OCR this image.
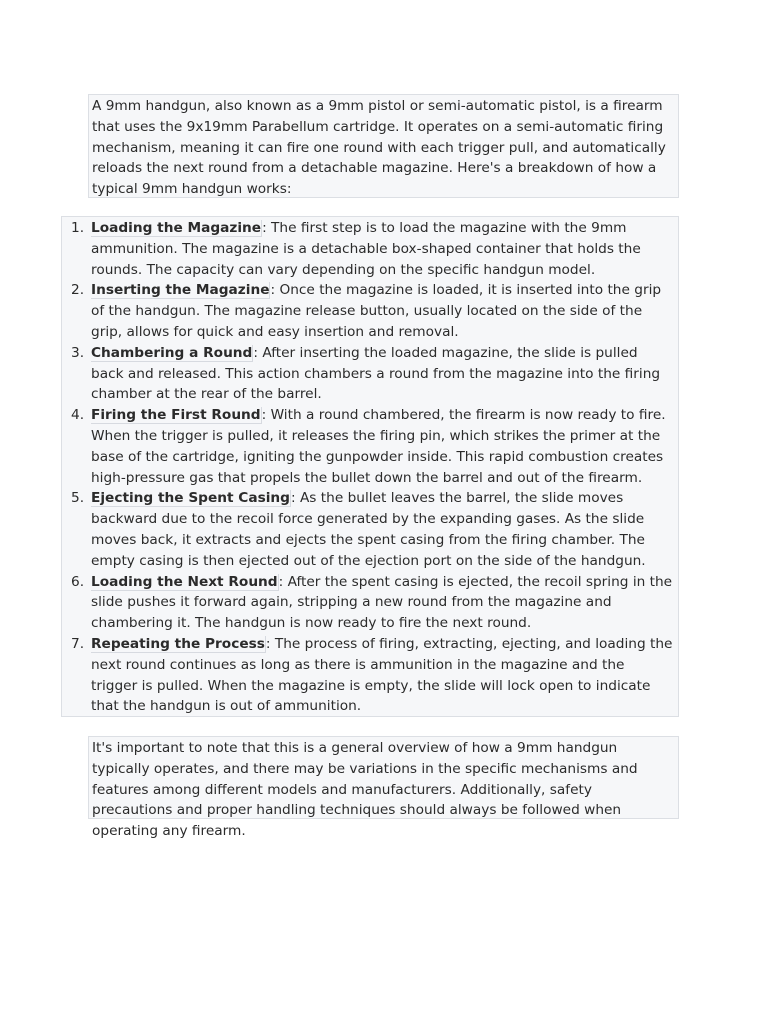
A 9mm handgun, also known as a 9mm pistol or semi-automatic pistol, is a firearm that uses the 9x19mm Parabellum cartridge. It operates on a semi-automatic firing mechanism, meaning it can fire one round with each trigger pull, and automatically reloads the next round from a detachable magazine. Here's a breakdown of how a typical 9mm handgun works:

1. Loading the Magazine: The first step is to load the magazine with the 9mm ammunition. The magazine is a detachable box-shaped container that holds the rounds. The capacity can vary depending on the specific handgun model.
2. Inserting the Magazine: Once the magazine is loaded, it is inserted into the grip of the handgun. The magazine release button, usually located on the side of the grip, allows for quick and easy insertion and removal.
3. Chambering a Round: After inserting the loaded magazine, the slide is pulled back and released. This action chambers a round from the magazine into the firing chamber at the rear of the barrel.
4. Firing the First Round: With a round chambered, the firearm is now ready to fire. When the trigger is pulled, it releases the firing pin, which strikes the primer at the base of the cartridge, igniting the gunpowder inside. This rapid combustion creates high-pressure gas that propels the bullet down the barrel and out of the firearm.
5. Ejecting the Spent Casing: As the bullet leaves the barrel, the slide moves backward due to the recoil force generated by the expanding gases. As the slide moves back, it extracts and ejects the spent casing from the firing chamber. The empty casing is then ejected out of the ejection port on the side of the handgun.
6. Loading the Next Round: After the spent casing is ejected, the recoil spring in the slide pushes it forward again, stripping a new round from the magazine and chambering it. The handgun is now ready to fire the next round.
7. Repeating the Process: The process of firing, extracting, ejecting, and loading the next round continues as long as there is ammunition in the magazine and the trigger is pulled. When the magazine is empty, the slide will lock open to indicate that the handgun is out of ammunition.

It's important to note that this is a general overview of how a 9mm handgun typically operates, and there may be variations in the specific mechanisms and features among different models and manufacturers. Additionally, safety precautions and proper handling techniques should always be followed when operating any firearm.
